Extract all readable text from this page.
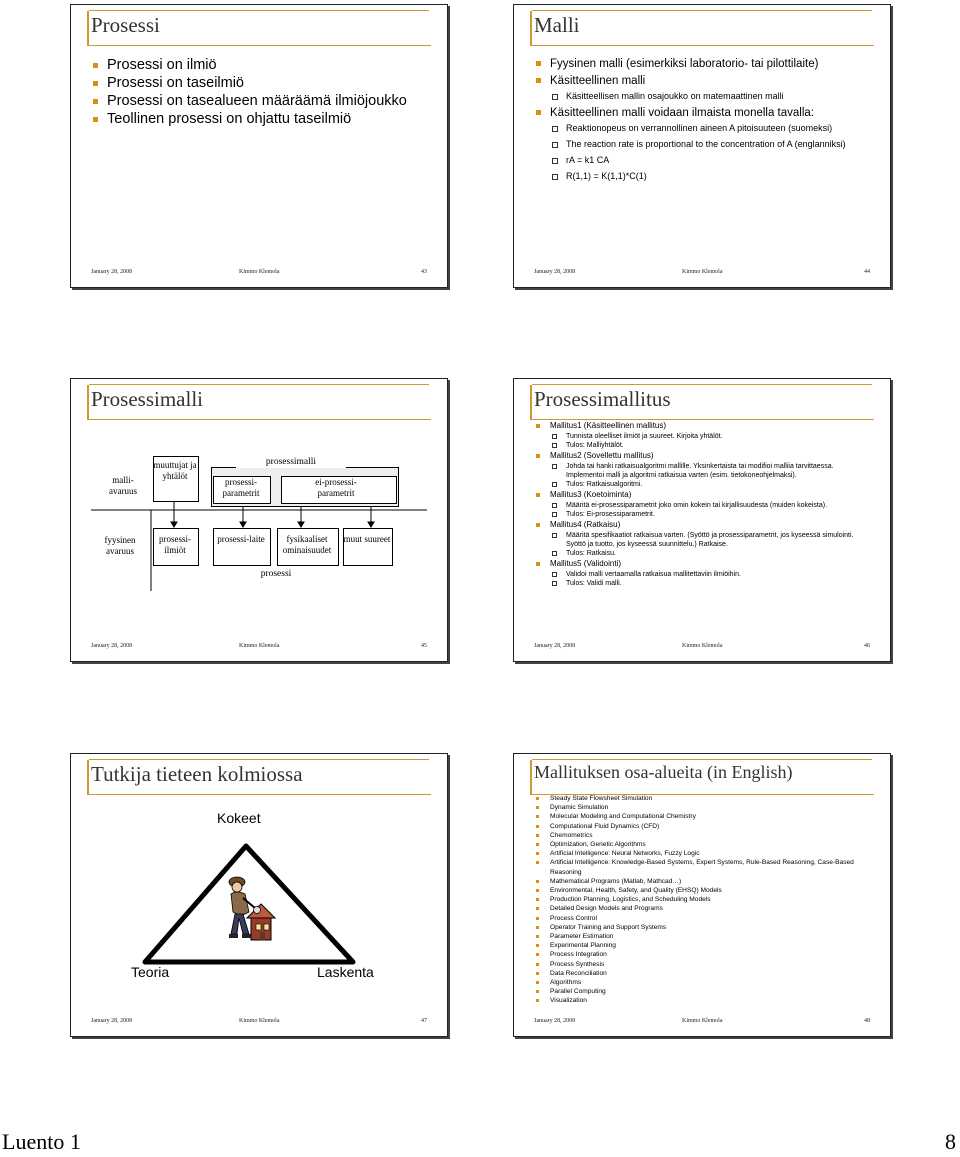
Prosessi
Prosessi on ilmiö
Prosessi on taseilmiö
Prosessi on tasealueen määräämä ilmiöjoukko
Teollinen prosessi on ohjattu taseilmiö
January 28, 2008	Kimmo Klemola	43
Malli
Fyysinen malli (esimerkiksi laboratorio- tai pilottilaite)
Käsitteellinen malli
Käsitteellisen mallin osajoukko on matemaattinen malli
Käsitteellinen malli voidaan ilmaista monella tavalla:
Reaktionopeus on verrannollinen aineen A pitoisuuteen (suomeksi)
The reaction rate is proportional to the concentration of A (englanniksi)
rA = k1 CA
R(1,1) = K(1,1)*C(1)
January 28, 2008	Kimmo Klemola	44
Prosessimalli
malli-avaruus
fyysinen avaruus
prosessimalli
muuttujat ja yhtälöt
prosessi-parametrit
ei-prosessi-parametrit
prosessi-ilmiöt
prosessi-laite	fysikaaliset ominaisuudet
muut suureet
prosessi
January 28, 2008	Kimmo Klemola	45
Prosessimallitus
Mallitus1 (Käsitteellinen mallitus)
Tunnista oleelliset ilmiöt ja suureet. Kirjoita yhtälöt.
Tulos: Malliyhtälöt.
Mallitus2 (Sovellettu mallitus)
Johda tai hanki ratkaisualgoritmi mallille. Yksinkertaista tai modifioi malliia tarvittaessa. Implementoi malli ja algoritmi ratkaisua varten (esim. tietokoneohjelmaksi).
Tulos: Ratkaisualgoritmi.
Mallitus3 (Koetoiminta)
Määritä ei-prosessiparametrit joko omin kokein tai kirjallisuudesta (muiden kokeista).
Tulos: Ei-prosessiparametrit.
Mallitus4 (Ratkaisu)
Määritä spesifikaatiot ratkaisua varten. (Syöttö ja prosessiparametrit, jos kyseessä simulointi. Syöttö ja tuotto, jos kyseessä suunnittelu.) Ratkaise.
Tulos: Ratkaisu.
Mallitus5 (Validointi)
Validoi malli vertaamalla ratkaisua mallitettaviin ilmiöihin.
Tulos: Validi malli.
January 28, 2008	Kimmo Klemola	46
Tutkija tieteen kolmiossa
Kokeet
Teoria	Laskenta
January 28, 2008	Kimmo Klemola	47
Mallituksen osa-alueita (in English)
Steady State Flowsheet Simulation
Dynamic Simulation
Molecular Modeling and Computational Chemistry
Computational Fluid Dynamics (CFD)
Chemometrics
Optimization, Genetic Algorithms
Artificial Intelligence: Neural Networks, Fuzzy Logic
Artificial Intelligence: Knowledge-Based Systems, Expert Systems, Rule-Based Reasoning, Case-Based Reasoning
Mathematical Programs (Matlab, Mathcad…)
Environmental, Health, Safety, and Quality (EHSQ) Models
Production Planning, Logistics, and Scheduling Models
Detailed Design Models and Programs
Process Control
Operator Training and Support Systems
Parameter Estimation
Experimental Planning
Process Integration
Process Synthesis
Data Reconciliation
Algorithms
Parallel Computing
Visualization
January 28, 2008	Kimmo Klemola	48
Luento 1	8
